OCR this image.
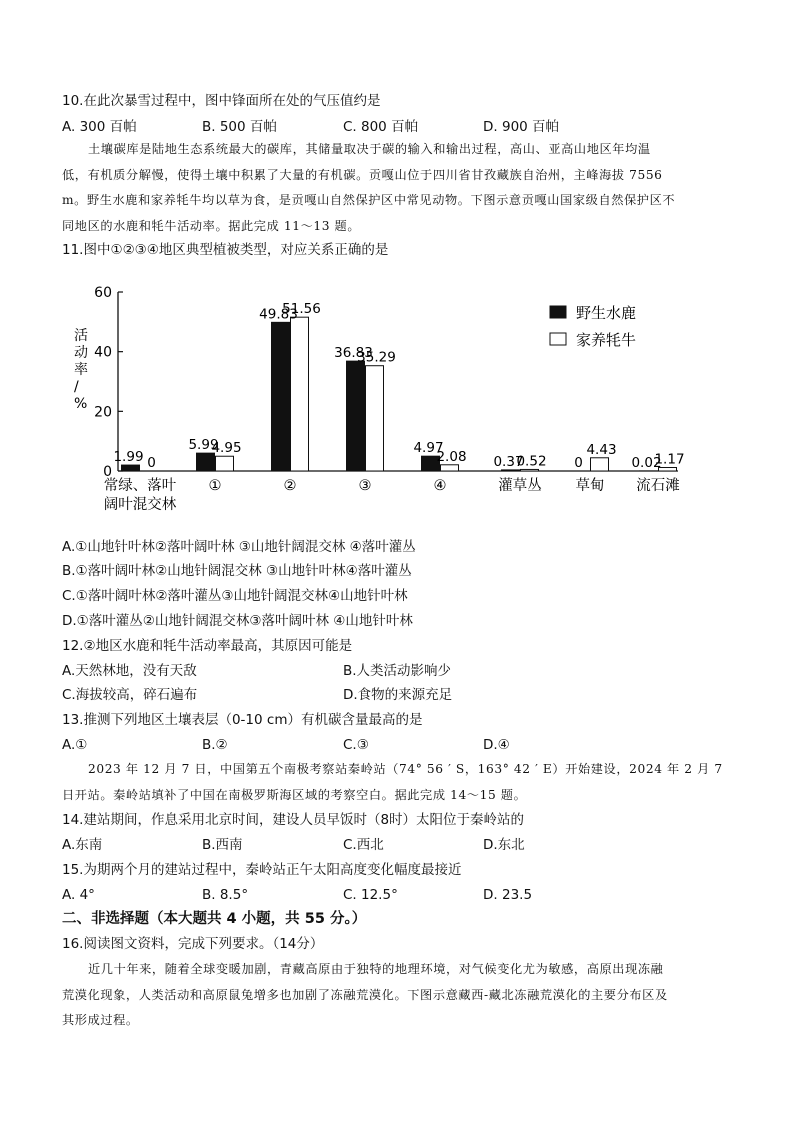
10.在此次暴雪过程中，图中锋面所在处的气压值约是
A. 300 百帕	B. 500 百帕	C. 800 百帕	D. 900 百帕
土壤碳库是陆地生态系统最大的碳库，其储量取决于碳的输入和输出过程，高山、亚高山地区年均温
低，有机质分解慢，使得土壤中积累了大量的有机碳。贡嘎山位于四川省甘孜藏族自治州，主峰海拔 7556
m。野生水鹿和家养牦牛均以草为食，是贡嘎山自然保护区中常见动物。下图示意贡嘎山国家级自然保护区不
同地区的水鹿和牦牛活动率。据此完成 11～13 题。
11.图中①②③④地区典型植被类型，对应关系正确的是
0
20
40
60
活动率/ %
1.99
5.99
49.83
36.83
4.97
0.37	0	0.02
0
4.95
51.56
35.29
2.08	0.52
4.43
1.17
常绿、落叶
阔叶混交林
①	②	③	④	灌草丛 草甸 流石滩
野生水鹿
家养牦牛
A.①山地针叶林②落叶阔叶林 ③山地针阔混交林 ④落叶灌丛
B.①落叶阔叶林②山地针阔混交林 ③山地针叶林④落叶灌丛
C.①落叶阔叶林②落叶灌丛③山地针阔混交林④山地针叶林
D.①落叶灌丛②山地针阔混交林③落叶阔叶林 ④山地针叶林
12.②地区水鹿和牦牛活动率最高，其原因可能是
A.天然林地，没有天敌	B.人类活动影响少
C.海拔较高，碎石遍布	D.食物的来源充足
13.推测下列地区土壤表层（0-10 cm）有机碳含量最高的是
A.①	B.②	C.③	D.④
2023 年 12 月 7 日，中国第五个南极考察站秦岭站（74° 56 ′ S，163° 42 ′ E）开始建设，2024 年 2 月 7
日开站。秦岭站填补了中国在南极罗斯海区域的考察空白。据此完成 14～15 题。
14.建站期间，作息采用北京时间，建设人员早饭时（8时）太阳位于秦岭站的
A.东南	B.西南	C.西北	D.东北
15.为期两个月的建站过程中，秦岭站正午太阳高度变化幅度最接近
A. 4°	B. 8.5°	C. 12.5°	D. 23.5
二、非选择题（本大题共 4 小题，共 55 分。）
16.阅读图文资料，完成下列要求。（14分）
近几十年来，随着全球变暖加剧，青藏高原由于独特的地理环境，对气候变化尤为敏感，高原出现冻融
荒漠化现象，人类活动和高原鼠兔增多也加剧了冻融荒漠化。下图示意藏西-藏北冻融荒漠化的主要分布区及
其形成过程。
